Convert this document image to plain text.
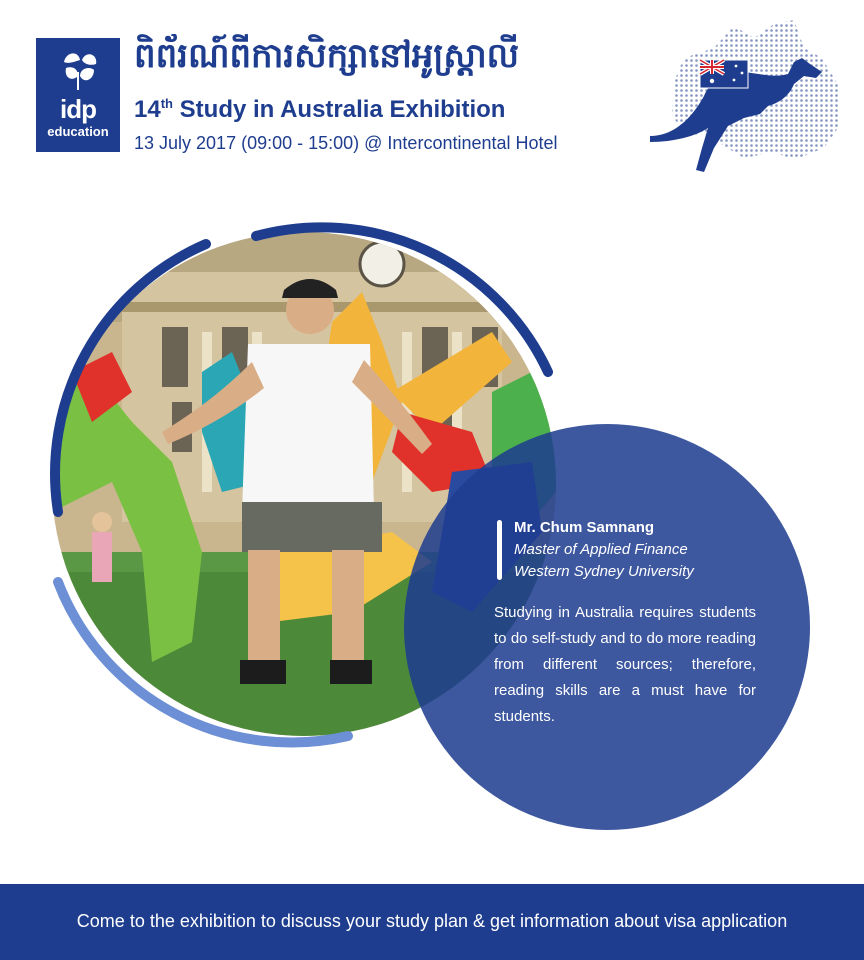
idp
education
ពិព័រណ៍ពីការសិក្សានៅអូស្ត្រាលី
14th Study in Australia Exhibition
13 July 2017 (09:00 - 15:00) @ Intercontinental Hotel
Mr. Chum Samnang
Master of Applied Finance
Western Sydney University
Studying in Australia requires students to do self-study and to do more reading from different sources; therefore, reading skills are a must have for students.
Come to the exhibition to discuss your study plan & get information about visa application
